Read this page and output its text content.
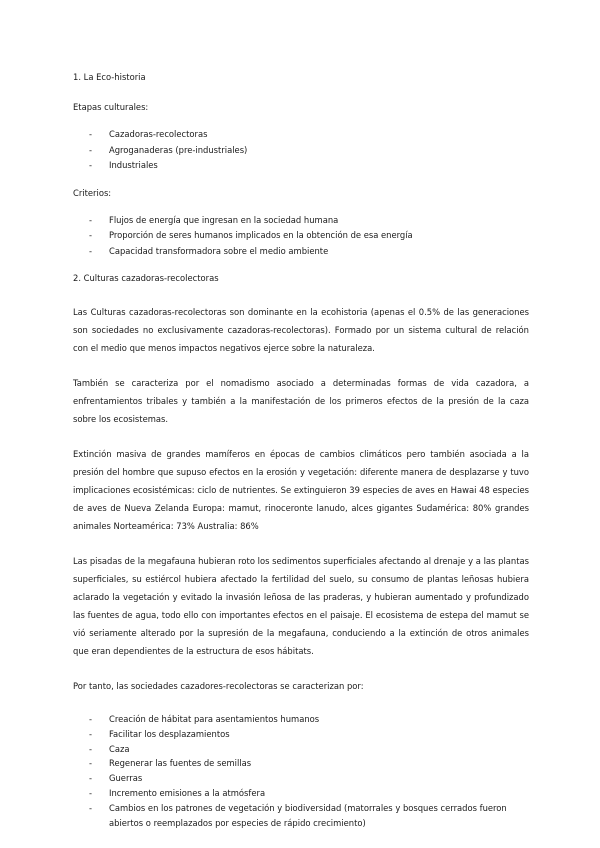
1. La Eco-historia
Etapas culturales:
- Cazadoras-recolectoras
- Agroganaderas (pre-industriales)
- Industriales
Criterios:
- Flujos de energía que ingresan en la sociedad humana
- Proporción de seres humanos implicados en la obtención de esa energía
- Capacidad transformadora sobre el medio ambiente
2. Culturas cazadoras-recolectoras

Las Culturas cazadoras-recolectoras son dominante en la ecohistoria (apenas el 0.5% de las generaciones son sociedades no exclusivamente cazadoras-recolectoras). Formado por un sistema cultural de relación con el medio que menos impactos negativos ejerce sobre la naturaleza.

También se caracteriza por el nomadismo asociado a determinadas formas de vida cazadora, a enfrentamientos tribales y también a la manifestación de los primeros efectos de la presión de la caza sobre los ecosistemas.

Extinción masiva de grandes mamíferos en épocas de cambios climáticos pero también asociada a la presión del hombre que supuso efectos en la erosión y vegetación: diferente manera de desplazarse y tuvo implicaciones ecosistémicas: ciclo de nutrientes. Se extinguieron 39 especies de aves en Hawai 48 especies de aves de Nueva Zelanda Europa: mamut, rinoceronte lanudo, alces gigantes Sudamérica: 80% grandes animales Norteamérica: 73% Australia: 86%

Las pisadas de la megafauna hubieran roto los sedimentos superficiales afectando al drenaje y a las plantas superficiales, su estiércol hubiera afectado la fertilidad del suelo, su consumo de plantas leñosas hubiera aclarado la vegetación y evitado la invasión leñosa de las praderas, y hubieran aumentado y profundizado las fuentes de agua, todo ello con importantes efectos en el paisaje. El ecosistema de estepa del mamut se vió seriamente alterado por la supresión de la megafauna, conduciendo a la extinción de otros animales que eran dependientes de la estructura de esos hábitats.

Por tanto, las sociedades cazadores-recolectoras se caracterizan por:

- Creación de hábitat para asentamientos humanos
- Facilitar los desplazamientos
- Caza
- Regenerar las fuentes de semillas
- Guerras
- Incremento emisiones a la atmósfera
- Cambios en los patrones de vegetación y biodiversidad (matorrales y bosques cerrados fueron abiertos o reemplazados por especies de rápido crecimiento)
